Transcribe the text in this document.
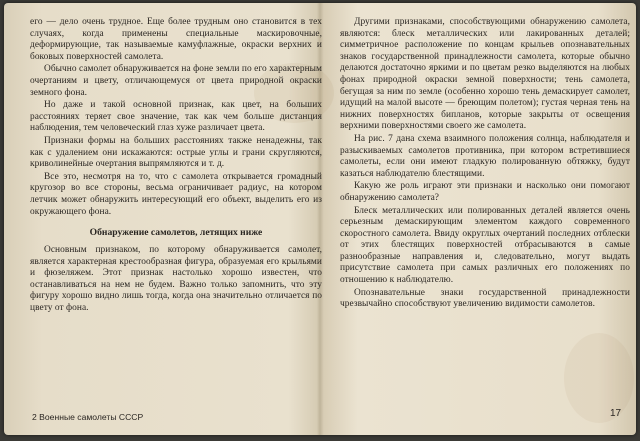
его — дело очень трудное. Еще более трудным оно становится в тех случаях, когда применены специальные маскировочные, деформирующие, так называемые камуфлажные, окраски верхних и боковых поверхностей самолета.

Обычно самолет обнаруживается на фоне земли по его характерным очертаниям и цвету, отличающемуся от цвета природной окраски земного фона.

Но даже и такой основной признак, как цвет, на больших расстояниях теряет свое значение, так как чем больше дистанция наблюдения, тем человеческий глаз хуже различает цвета.

Признаки формы на больших расстояниях также ненадежны, так как с удалением они искажаются: острые углы и грани скругляются, криволинейные очертания выпрямляются и т. д.

Все это, несмотря на то, что с самолета открывается громадный кругозор во все стороны, весьма ограничивает радиус, на котором летчик может обнаружить интересующий его объект, выделить его из окружающего фона.

Обнаружение самолетов, летящих ниже

Основным признаком, по которому обнаруживается самолет, является характерная крестообразная фигура, образуемая его крыльями и фюзеляжем. Этот признак настолько хорошо известен, что останавливаться на нем не будем. Важно только запомнить, что эту фигуру хорошо видно лишь тогда, когда она значительно отличается по цвету от фона.

Другими признаками, способствующими обнаружению самолета, являются: блеск металлических или лакированных деталей; симметричное расположение по концам крыльев опознавательных знаков государственной принадлежности самолета, которые обычно делаются достаточно яркими и по цветам резко выделяются на любых фонах природной окраски земной поверхности; тень самолета, бегущая за ним по земле (особенно хорошо тень демаскирует самолет, идущий на малой высоте — бреющим полетом); густая черная тень на нижних поверхностях бипланов, которые закрыты от освещения верхними поверхностями своего же самолета.

На рис. 7 дана схема взаимного положения солнца, наблюдателя и разыскиваемых самолетов противника, при котором встретившиеся самолеты, если они имеют гладкую полированную обтяжку, будут казаться наблюдателю блестящими.

Какую же роль играют эти признаки и насколько они помогают обнаружению самолета?

Блеск металлических или полированных деталей является очень серьезным демаскирующим элементом каждого современного скоростного самолета. Ввиду округлых очертаний последних отблески от этих блестящих поверхностей отбрасываются в самые разнообразные направления и, следовательно, могут выдать присутствие самолета при самых различных его положениях по отношению к наблюдателю.

Опознавательные знаки государственной принадлежности чрезвычайно способствуют увеличению видимости самолетов.

2 Военные самолеты СССР	17
